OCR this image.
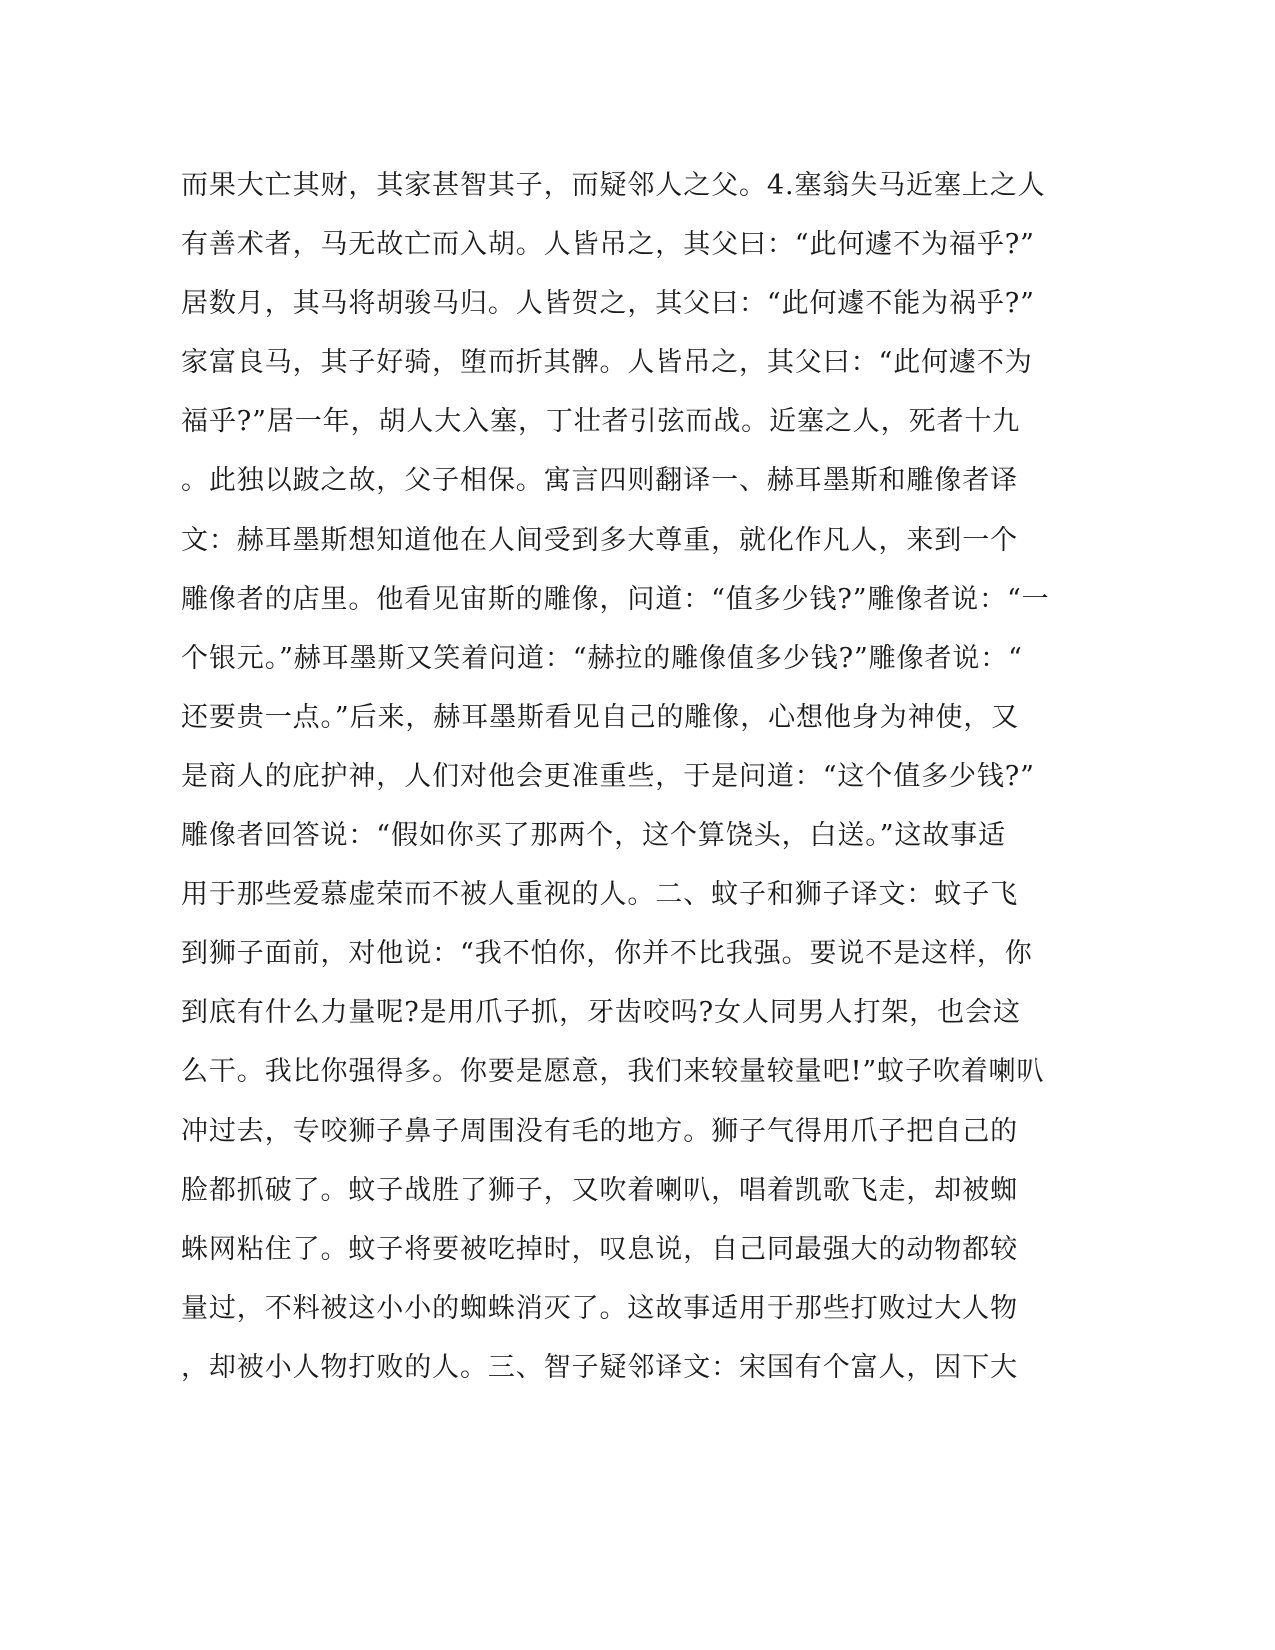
而果大亡其财，其家甚智其子，而疑邻人之父。4.塞翁失马近塞上之人
有善术者，马无故亡而入胡。人皆吊之，其父曰：“此何遽不为福乎?”
居数月，其马将胡骏马归。人皆贺之，其父曰：“此何遽不能为祸乎?”
家富良马，其子好骑，堕而折其髀。人皆吊之，其父曰：“此何遽不为
福乎?”居一年，胡人大入塞，丁壮者引弦而战。近塞之人，死者十九
。此独以跛之故，父子相保。寓言四则翻译一、赫耳墨斯和雕像者译
文：赫耳墨斯想知道他在人间受到多大尊重，就化作凡人，来到一个
雕像者的店里。他看见宙斯的雕像，问道：“值多少钱?”雕像者说：“一
个银元。”赫耳墨斯又笑着问道：“赫拉的雕像值多少钱?”雕像者说：“
还要贵一点。”后来，赫耳墨斯看见自己的雕像，心想他身为神使，又
是商人的庇护神，人们对他会更准重些，于是问道：“这个值多少钱?”
雕像者回答说：“假如你买了那两个，这个算饶头，白送。”这故事适
用于那些爱慕虚荣而不被人重视的人。二、蚊子和狮子译文：蚊子飞
到狮子面前，对他说：“我不怕你，你并不比我强。要说不是这样，你
到底有什么力量呢?是用爪子抓，牙齿咬吗?女人同男人打架，也会这
么干。我比你强得多。你要是愿意，我们来较量较量吧!”蚊子吹着喇叭
冲过去，专咬狮子鼻子周围没有毛的地方。狮子气得用爪子把自己的
脸都抓破了。蚊子战胜了狮子，又吹着喇叭，唱着凯歌飞走，却被蜘
蛛网粘住了。蚊子将要被吃掉时，叹息说，自己同最强大的动物都较
量过，不料被这小小的蜘蛛消灭了。这故事适用于那些打败过大人物
，却被小人物打败的人。三、智子疑邻译文：宋国有个富人，因下大
